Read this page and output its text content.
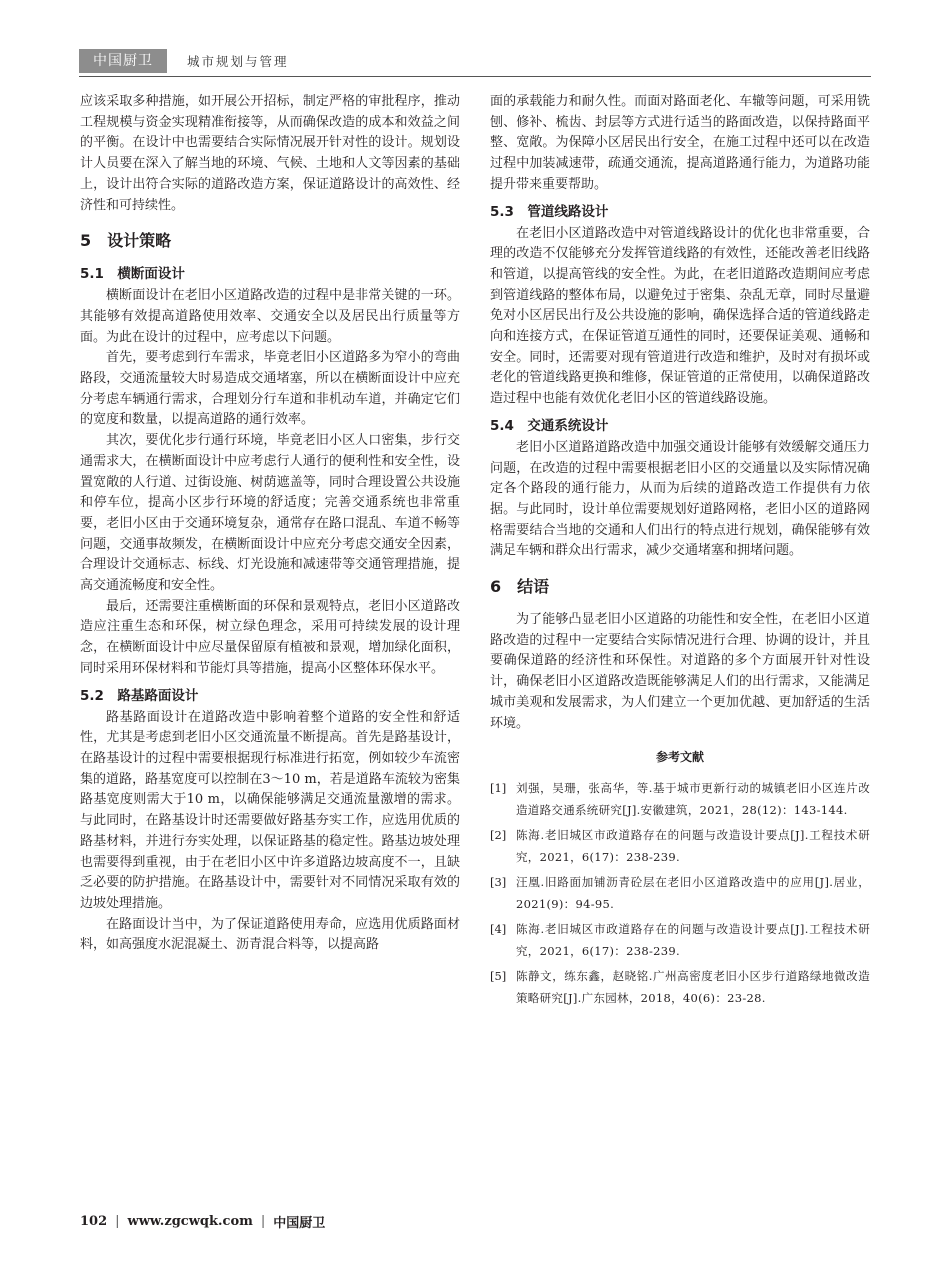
中国厨卫	城市规划与管理

应该采取多种措施，如开展公开招标，制定严格的审批程序，推动工程规模与资金实现精准衔接等，从而确保改造的成本和效益之间的平衡。在设计中也需要结合实际情况展开针对性的设计。规划设计人员要在深入了解当地的环境、气候、土地和人文等因素的基础上，设计出符合实际的道路改造方案，保证道路设计的高效性、经济性和可持续性。

5　设计策略
5.1　横断面设计

横断面设计在老旧小区道路改造的过程中是非常关键的一环。其能够有效提高道路使用效率、交通安全以及居民出行质量等方面。为此在设计的过程中，应考虑以下问题。

首先，要考虑到行车需求，毕竟老旧小区道路多为窄小的弯曲路段，交通流量较大时易造成交通堵塞，所以在横断面设计中应充分考虑车辆通行需求，合理划分行车道和非机动车道，并确定它们的宽度和数量，以提高道路的通行效率。

其次，要优化步行通行环境，毕竟老旧小区人口密集，步行交通需求大，在横断面设计中应考虑行人通行的便利性和安全性，设置宽敞的人行道、过街设施、树荫遮盖等，同时合理设置公共设施和停车位，提高小区步行环境的舒适度；完善交通系统也非常重要，老旧小区由于交通环境复杂，通常存在路口混乱、车道不畅等问题，交通事故频发，在横断面设计中应充分考虑交通安全因素，合理设计交通标志、标线、灯光设施和减速带等交通管理措施，提高交通流畅度和安全性。

最后，还需要注重横断面的环保和景观特点，老旧小区道路改造应注重生态和环保，树立绿色理念，采用可持续发展的设计理念，在横断面设计中应尽量保留原有植被和景观，增加绿化面积，同时采用环保材料和节能灯具等措施，提高小区整体环保水平。

5.2　路基路面设计

路基路面设计在道路改造中影响着整个道路的安全性和舒适性，尤其是考虑到老旧小区交通流量不断提高。首先是路基设计，在路基设计的过程中需要根据现行标准进行拓宽，例如较少车流密集的道路，路基宽度可以控制在3～10 m，若是道路车流较为密集路基宽度则需大于10 m，以确保能够满足交通流量激增的需求。与此同时，在路基设计时还需要做好路基夯实工作，应选用优质的路基材料，并进行夯实处理，以保证路基的稳定性。路基边坡处理也需要得到重视，由于在老旧小区中许多道路边坡高度不一，且缺乏必要的防护措施。在路基设计中，需要针对不同情况采取有效的边坡处理措施。

在路面设计当中，为了保证道路使用寿命，应选用优质路面材料，如高强度水泥混凝土、沥青混合料等，以提高路

面的承载能力和耐久性。而面对路面老化、车辙等问题，可采用铣刨、修补、梳齿、封层等方式进行适当的路面改造，以保持路面平整、宽敞。为保障小区居民出行安全，在施工过程中还可以在改造过程中加装减速带，疏通交通流，提高道路通行能力，为道路功能提升带来重要帮助。

5.3　管道线路设计

在老旧小区道路改造中对管道线路设计的优化也非常重要，合理的改造不仅能够充分发挥管道线路的有效性，还能改善老旧线路和管道，以提高管线的安全性。为此，在老旧道路改造期间应考虑到管道线路的整体布局，以避免过于密集、杂乱无章，同时尽量避免对小区居民出行及公共设施的影响，确保选择合适的管道线路走向和连接方式，在保证管道互通性的同时，还要保证美观、通畅和安全。同时，还需要对现有管道进行改造和维护，及时对有损坏或老化的管道线路更换和维修，保证管道的正常使用，以确保道路改造过程中也能有效优化老旧小区的管道线路设施。

5.4　交通系统设计

老旧小区道路道路改造中加强交通设计能够有效缓解交通压力问题，在改造的过程中需要根据老旧小区的交通量以及实际情况确定各个路段的通行能力，从而为后续的道路改造工作提供有力依据。与此同时，设计单位需要规划好道路网格，老旧小区的道路网格需要结合当地的交通和人们出行的特点进行规划，确保能够有效满足车辆和群众出行需求，减少交通堵塞和拥堵问题。

6　结语

为了能够凸显老旧小区道路的功能性和安全性，在老旧小区道路改造的过程中一定要结合实际情况进行合理、协调的设计，并且要确保道路的经济性和环保性。对道路的多个方面展开针对性设计，确保老旧小区道路改造既能够满足人们的出行需求，又能满足城市美观和发展需求，为人们建立一个更加优越、更加舒适的生活环境。

参考文献
[1] 刘强，吴珊，张高华，等.基于城市更新行动的城镇老旧小区连片改造道路交通系统研究[J].安徽建筑，2021，28(12)：143-144.
[2] 陈海.老旧城区市政道路存在的问题与改造设计要点[J].工程技术研究，2021，6(17)：238-239.
[3] 汪凰.旧路面加铺沥青砼层在老旧小区道路改造中的应用[J].居业，2021(9)：94-95.
[4] 陈海.老旧城区市政道路存在的问题与改造设计要点[J].工程技术研究，2021，6(17)：238-239.
[5] 陈静文，练东鑫，赵晓铭.广州高密度老旧小区步行道路绿地微改造策略研究[J].广东园林，2018，40(6)：23-28.
102 | www.zgcwqk.com | 中国厨卫
